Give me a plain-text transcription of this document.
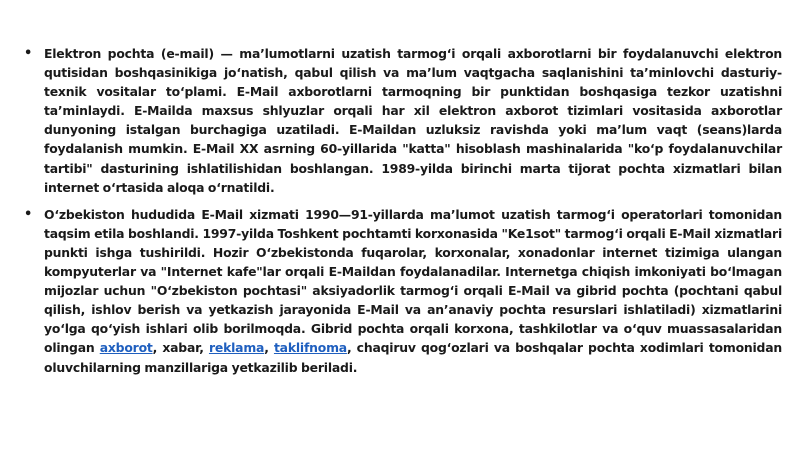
• Elektron pochta (e-mail) — ma’lumotlarni uzatish tarmog‘i orqali axborotlarni bir foydalanuvchi elektron qutisidan boshqasinikiga jo‘natish, qabul qilish va ma’lum vaqtgacha saqlanishini ta’minlovchi dasturiy-texnik vositalar to‘plami. E-Mail axborotlarni tarmoqning bir punktidan boshqasiga tezkor uzatishni ta’minlaydi. E-Mailda maxsus shlyuzlar orqali har xil elektron axborot tizimlari vositasida axborotlar dunyoning istalgan burchagiga uzatiladi. E-Maildan uzluksiz ravishda yoki ma’lum vaqt (seans)larda foydalanish mumkin. E-Mail XX asrning 60-yillarida "katta" hisoblash mashinalarida "ko‘p foydalanuvchilar tartibi" dasturining ishlatilishidan boshlangan. 1989-yilda birinchi marta tijorat pochta xizmatlari bilan internet o‘rtasida aloqa o‘rnatildi.

• O‘zbekiston hududida E-Mail xizmati 1990—91-yillarda ma’lumot uzatish tarmog‘i operatorlari tomonidan taqsim etila boshlandi. 1997-yilda Toshkent pochtamti korxonasida "Ke1sot" tarmog‘i orqali E-Mail xizmatlari punkti ishga tushirildi. Hozir O‘zbekistonda fuqarolar, korxonalar, xonadonlar internet tizimiga ulangan kompyuterlar va "Internet kafe"lar orqali E-Maildan foydalanadilar. Internetga chiqish imkoniyati bo‘lmagan mijozlar uchun "O‘zbekiston pochtasi" aksiyadorlik tarmog‘i orqali E-Mail va gibrid pochta (pochtani qabul qilish, ishlov berish va yetkazish jarayonida E-Mail va an’anaviy pochta resurslari ishlatiladi) xizmatlarini yo‘lga qo‘yish ishlari olib borilmoqda. Gibrid pochta orqali korxona, tashkilotlar va o‘quv muassasalaridan olingan axborot, xabar, reklama, taklifnoma, chaqiruv qog‘ozlari va boshqalar pochta xodimlari tomonidan oluvchilarning manzillariga yetkazilib beriladi.
